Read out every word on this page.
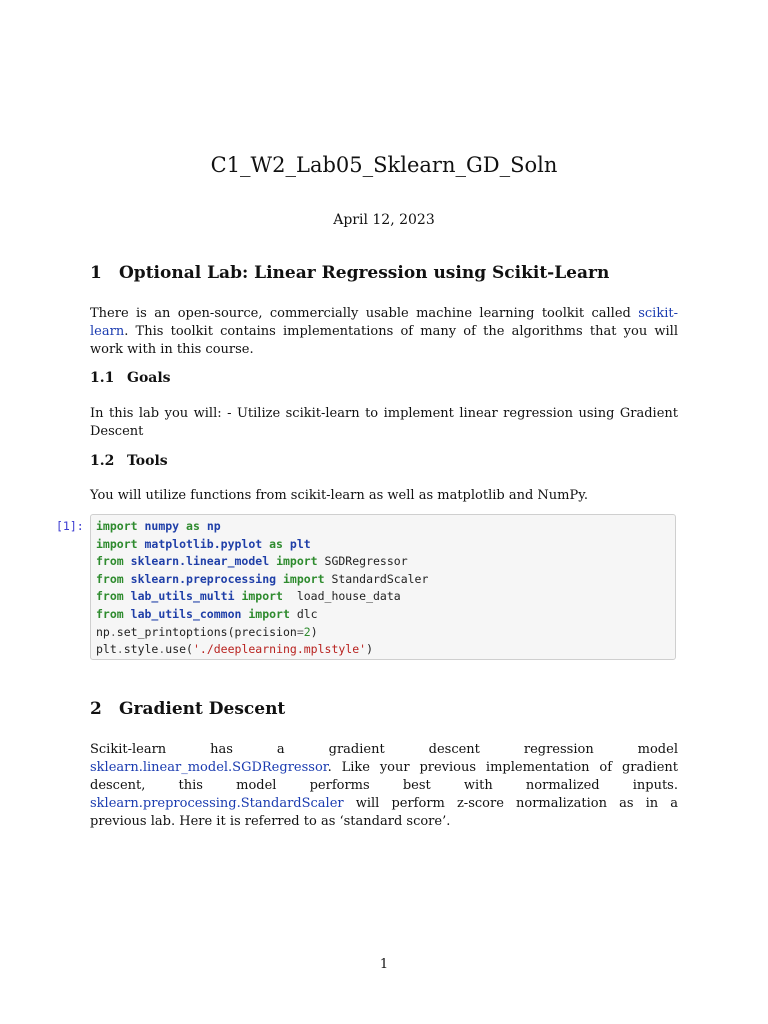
C1_W2_Lab05_Sklearn_GD_Soln
April 12, 2023
1 Optional Lab: Linear Regression using Scikit-Learn
There is an open-source, commercially usable machine learning toolkit called scikit-learn. This toolkit contains implementations of many of the algorithms that you will work with in this course.
1.1 Goals
In this lab you will: - Utilize scikit-learn to implement linear regression using Gradient Descent
1.2 Tools
You will utilize functions from scikit-learn as well as matplotlib and NumPy.
[1]: import numpy as np
import matplotlib.pyplot as plt
from sklearn.linear_model import SGDRegressor
from sklearn.preprocessing import StandardScaler
from lab_utils_multi import  load_house_data
from lab_utils_common import dlc
np.set_printoptions(precision=2)
plt.style.use('./deeplearning.mplstyle')
2 Gradient Descent
Scikit-learn has a gradient descent regression model sklearn.linear_model.SGDRegressor. Like your previous implementation of gradient descent, this model performs best with normalized inputs. sklearn.preprocessing.StandardScaler will perform z-score normalization as in a previous lab. Here it is referred to as ‘standard score’.
1
